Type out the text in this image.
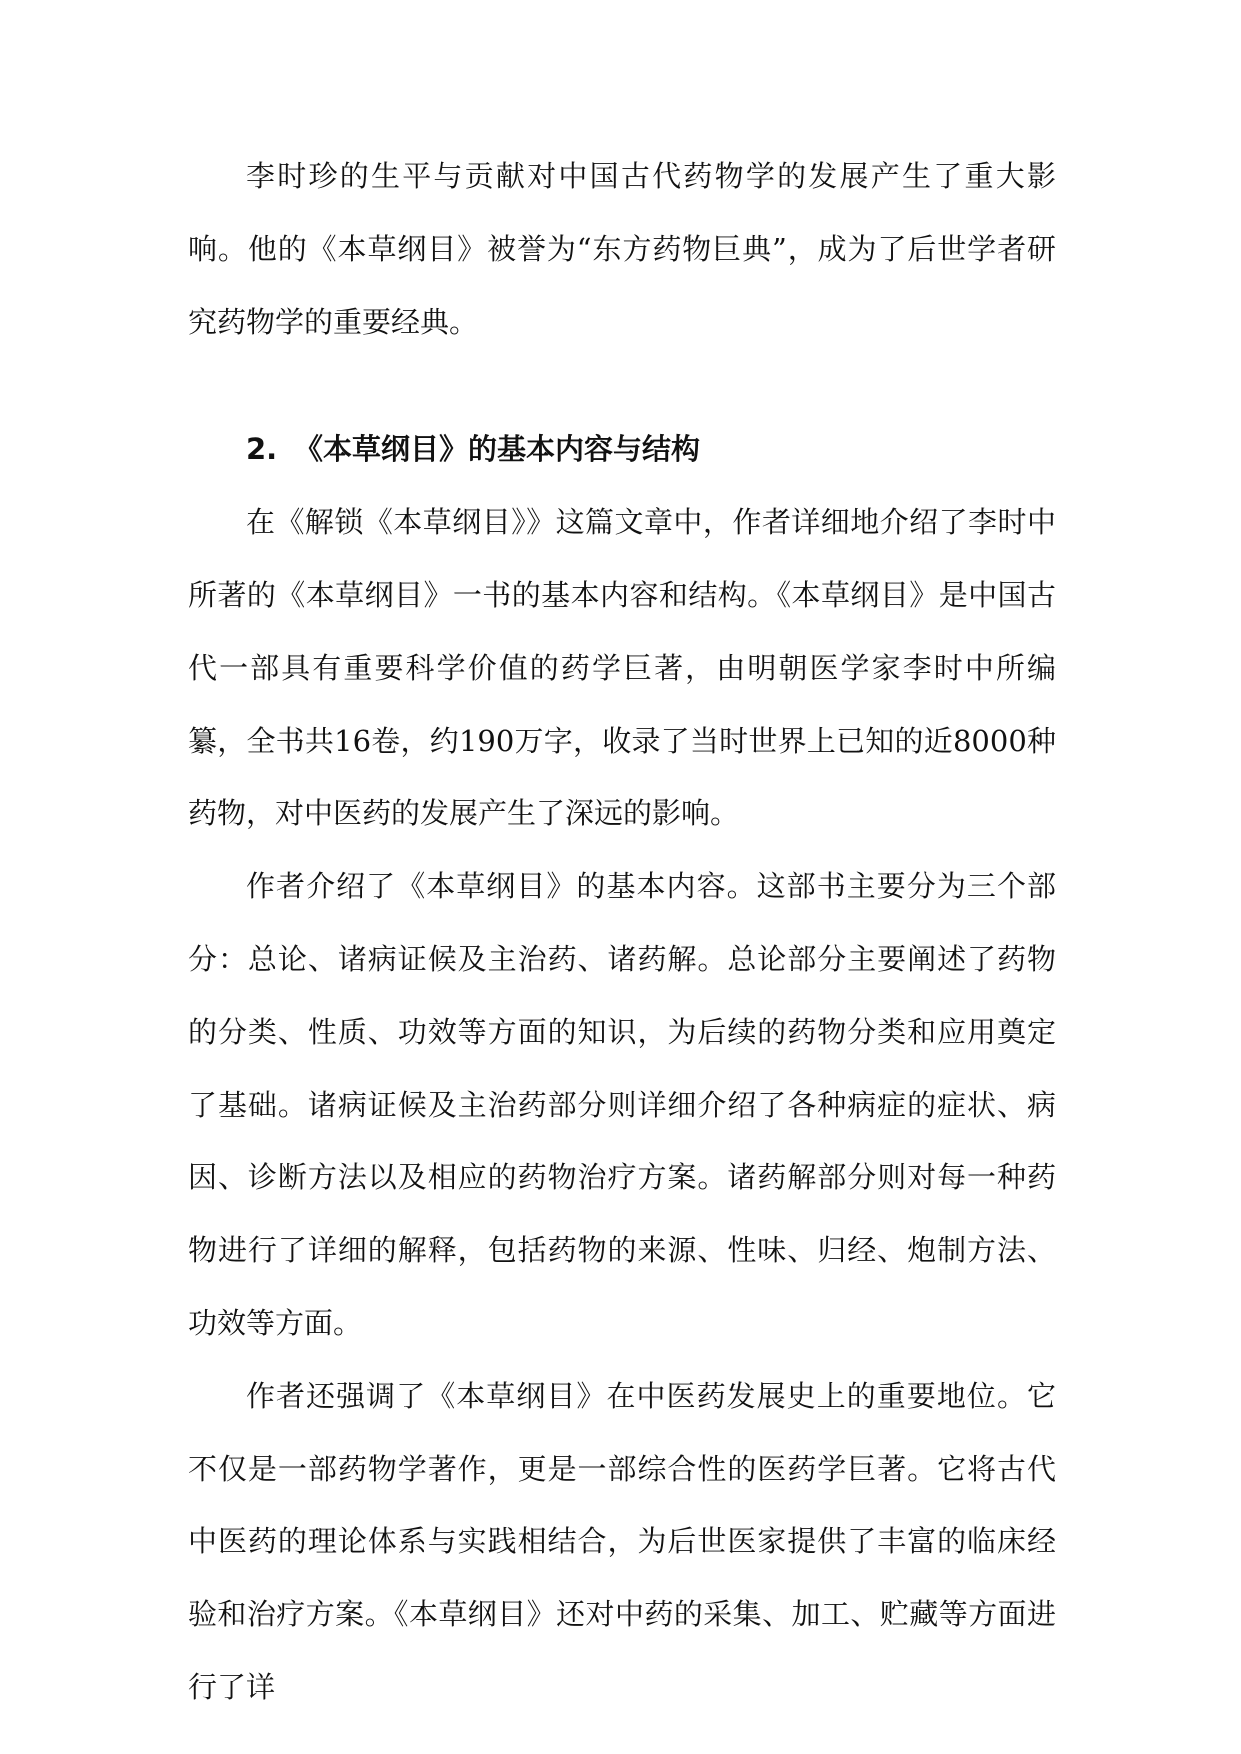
李时珍的生平与贡献对中国古代药物学的发展产生了重大影响。他的《本草纲目》被誉为“东方药物巨典”，成为了后世学者研究药物学的重要经典。

2. 《本草纲目》的基本内容与结构

在《解锁《本草纲目》》这篇文章中，作者详细地介绍了李时中所著的《本草纲目》一书的基本内容和结构。《本草纲目》是中国古代一部具有重要科学价值的药学巨著，由明朝医学家李时中所编纂，全书共16卷，约190万字，收录了当时世界上已知的近8000种药物，对中医药的发展产生了深远的影响。

作者介绍了《本草纲目》的基本内容。这部书主要分为三个部分：总论、诸病证候及主治药、诸药解。总论部分主要阐述了药物的分类、性质、功效等方面的知识，为后续的药物分类和应用奠定了基础。诸病证候及主治药部分则详细介绍了各种病症的症状、病因、诊断方法以及相应的药物治疗方案。诸药解部分则对每一种药物进行了详细的解释，包括药物的来源、性味、归经、炮制方法、功效等方面。

作者还强调了《本草纲目》在中医药发展史上的重要地位。它不仅是一部药物学著作，更是一部综合性的医药学巨著。它将古代中医药的理论体系与实践相结合，为后世医家提供了丰富的临床经验和治疗方案。《本草纲目》还对中药的采集、加工、贮藏等方面进行了详
